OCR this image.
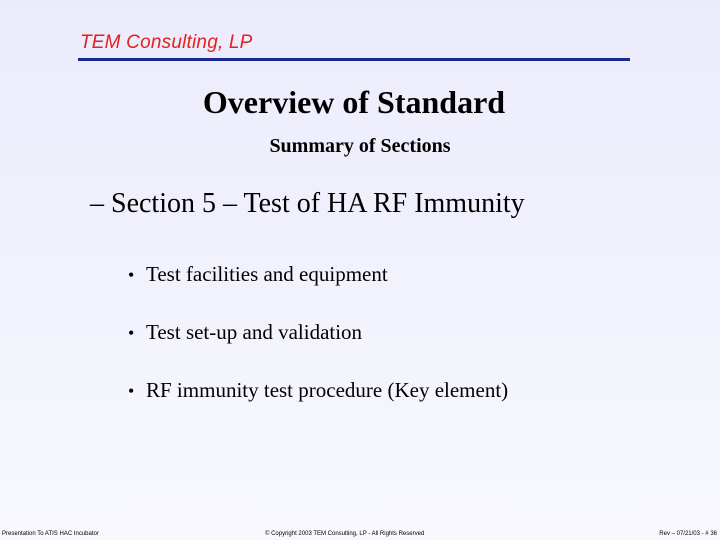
TEM Consulting, LP
Overview of Standard
Summary of Sections
– Section 5 – Test of HA RF Immunity
• Test facilities and equipment
• Test set-up and validation
• RF immunity test procedure (Key element)
Presentation To ATIS HAC Incubator	© Copyright 2003 TEM Consulting, LP - All Rights Reserved	Rev – 07/21/03 - # 36
